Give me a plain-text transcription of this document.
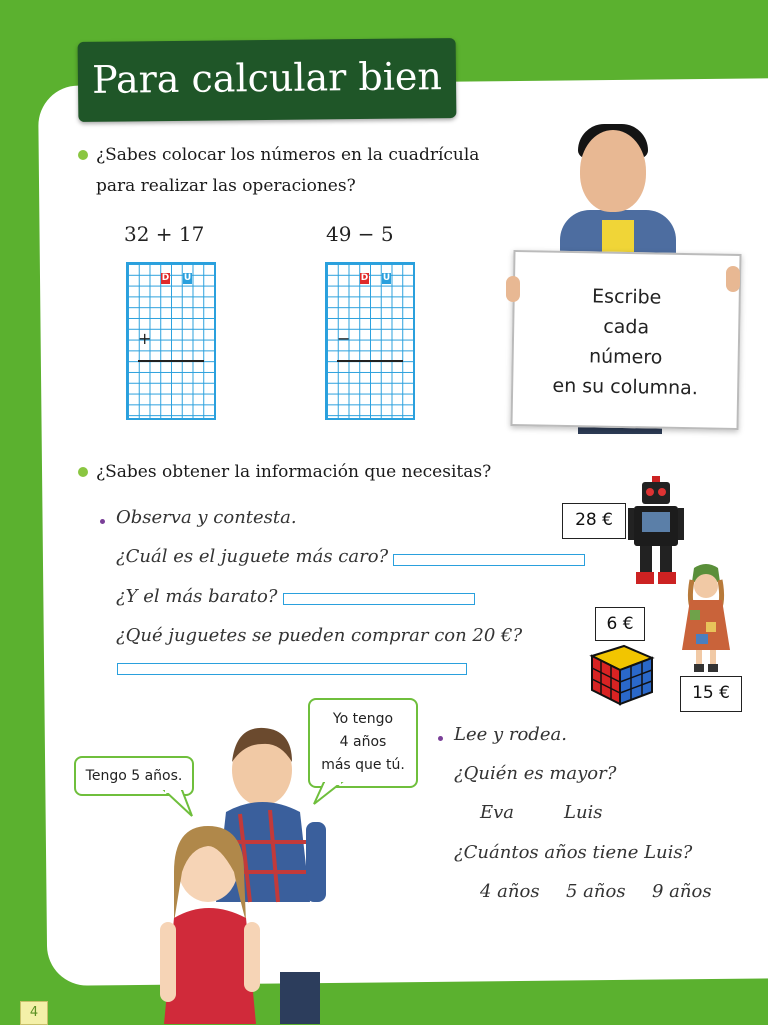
Para calcular bien
¿Sabes colocar los números en la cuadrícula
para realizar las operaciones?
32 + 17	49 − 5
D U
+
D U
−
Escribe
cada
número
en su columna.
¿Sabes obtener la información que necesitas?
Observa y contesta.
¿Cuál es el juguete más caro?
¿Y el más barato?
¿Qué juguetes se pueden comprar con 20 €?
28 €
6 €
15 €
Tengo 5 años.
Yo tengo
4 años
más que tú.
Lee y rodea.
¿Quién es mayor?
Eva	Luis
¿Cuántos años tiene Luis?
4 años 5 años 9 años
4
